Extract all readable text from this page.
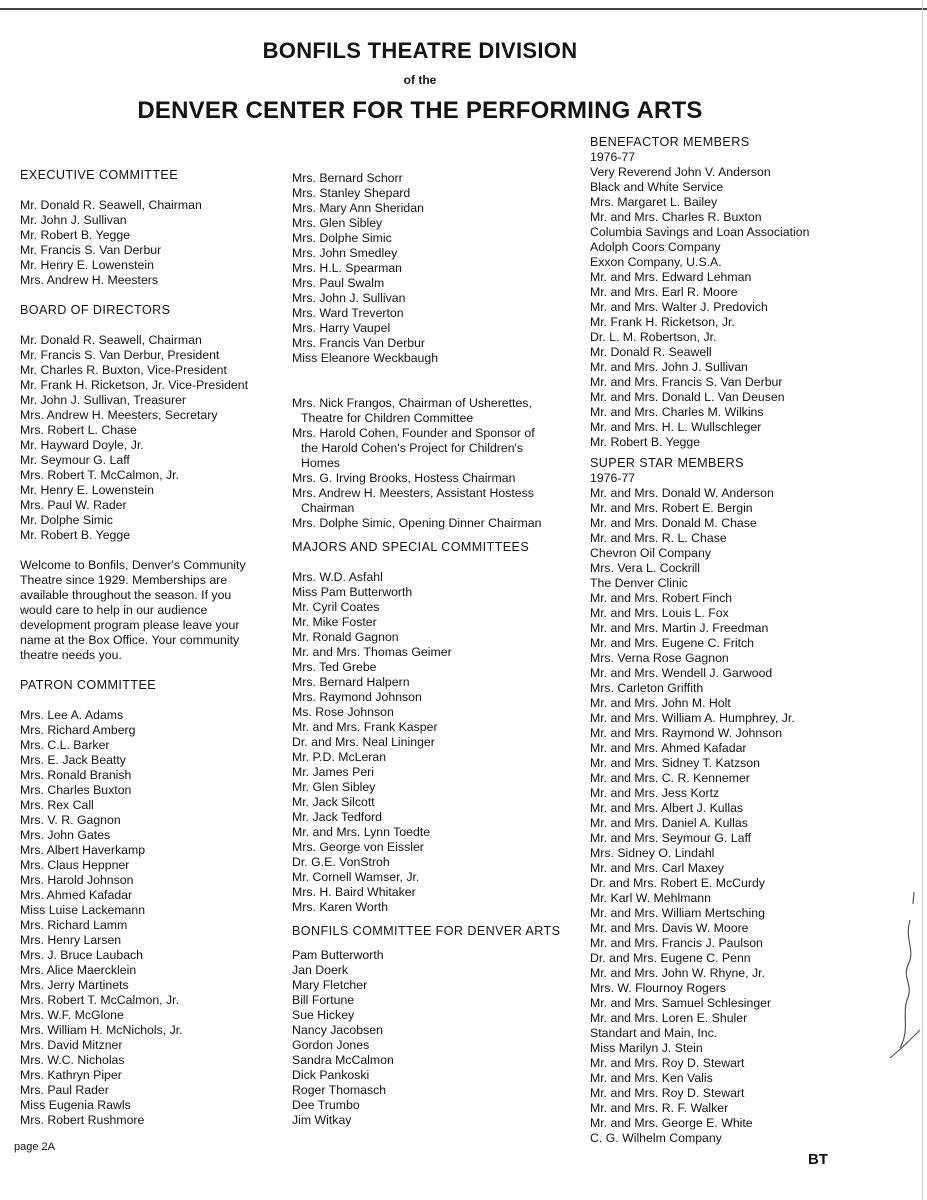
BONFILS THEATRE DIVISION
of the
DENVER CENTER FOR THE PERFORMING ARTS
EXECUTIVE COMMITTEE
Mr. Donald R. Seawell, Chairman
Mr. John J. Sullivan
Mr. Robert B. Yegge
Mr. Francis S. Van Derbur
Mr. Henry E. Lowenstein
Mrs. Andrew H. Meesters
BOARD OF DIRECTORS
Mr. Donald R. Seawell, Chairman
Mr. Francis S. Van Derbur, President
Mr. Charles R. Buxton, Vice-President
Mr. Frank H. Ricketson, Jr. Vice-President
Mr. John J. Sullivan, Treasurer
Mrs. Andrew H. Meesters, Secretary
Mrs. Robert L. Chase
Mr. Hayward Doyle, Jr.
Mr. Seymour G. Laff
Mrs. Robert T. McCalmon, Jr.
Mr. Henry E. Lowenstein
Mrs. Paul W. Rader
Mr. Dolphe Simic
Mr. Robert B. Yegge
Welcome to Bonfils, Denver's Community
Theatre since 1929. Memberships are
available throughout the season. If you
would care to help in our audience
development program please leave your
name at the Box Office. Your community
theatre needs you.
PATRON COMMITTEE
Mrs. Lee A. Adams
Mrs. Richard Amberg
Mrs. C.L. Barker
Mrs. E. Jack Beatty
Mrs. Ronald Branish
Mrs. Charles Buxton
Mrs. Rex Call
Mrs. V. R. Gagnon
Mrs. John Gates
Mrs. Albert Haverkamp
Mrs. Claus Heppner
Mrs. Harold Johnson
Mrs. Ahmed Kafadar
Miss Luise Lackemann
Mrs. Richard Lamm
Mrs. Henry Larsen
Mrs. J. Bruce Laubach
Mrs. Alice Maercklein
Mrs. Jerry Martinets
Mrs. Robert T. McCalmon, Jr.
Mrs. W.F. McGlone
Mrs. William H. McNichols, Jr.
Mrs. David Mitzner
Mrs. W.C. Nicholas
Mrs. Kathryn Piper
Mrs. Paul Rader
Miss Eugenia Rawls
Mrs. Robert Rushmore
Mrs. Bernard Schorr
Mrs. Stanley Shepard
Mrs. Mary Ann Sheridan
Mrs. Glen Sibley
Mrs. Dolphe Simic
Mrs. John Smedley
Mrs. H.L. Spearman
Mrs. Paul Swalm
Mrs. John J. Sullivan
Mrs. Ward Treverton
Mrs. Harry Vaupel
Mrs. Francis Van Derbur
Miss Eleanore Weckbaugh
Mrs. Nick Frangos, Chairman of Usherettes,
Theatre for Children Committee
Mrs. Harold Cohen, Founder and Sponsor of
the Harold Cohen's Project for Children's
Homes
Mrs. G. Irving Brooks, Hostess Chairman
Mrs. Andrew H. Meesters, Assistant Hostess
Chairman
Mrs. Dolphe Simic, Opening Dinner Chairman
MAJORS AND SPECIAL COMMITTEES
Mrs. W.D. Asfahl
Miss Pam Butterworth
Mr. Cyril Coates
Mr. Mike Foster
Mr. Ronald Gagnon
Mr. and Mrs. Thomas Geimer
Mrs. Ted Grebe
Mrs. Bernard Halpern
Mrs. Raymond Johnson
Ms. Rose Johnson
Mr. and Mrs. Frank Kasper
Dr. and Mrs. Neal Lininger
Mr. P.D. McLeran
Mr. James Peri
Mr. Glen Sibley
Mr. Jack Silcott
Mr. Jack Tedford
Mr. and Mrs. Lynn Toedte
Mrs. George von Eissler
Dr. G.E. VonStroh
Mr. Cornell Wamser, Jr.
Mrs. H. Baird Whitaker
Mrs. Karen Worth
BONFILS COMMITTEE FOR DENVER ARTS
Pam Butterworth
Jan Doerk
Mary Fletcher
Bill Fortune
Sue Hickey
Nancy Jacobsen
Gordon Jones
Sandra McCalmon
Dick Pankoski
Roger Thomasch
Dee Trumbo
Jim Witkay
BENEFACTOR MEMBERS
1976-77
Very Reverend John V. Anderson
Black and White Service
Mrs. Margaret L. Bailey
Mr. and Mrs. Charles R. Buxton
Columbia Savings and Loan Association
Adolph Coors Company
Exxon Company, U.S.A.
Mr. and Mrs. Edward Lehman
Mr. and Mrs. Earl R. Moore
Mr. and Mrs. Walter J. Predovich
Mr. Frank H. Ricketson, Jr.
Dr. L. M. Robertson, Jr.
Mr. Donald R. Seawell
Mr. and Mrs. John J. Sullivan
Mr. and Mrs. Francis S. Van Derbur
Mr. and Mrs. Donald L. Van Deusen
Mr. and Mrs. Charles M. Wilkins
Mr. and Mrs. H. L. Wullschleger
Mr. Robert B. Yegge
SUPER STAR MEMBERS
1976-77
Mr. and Mrs. Donald W. Anderson
Mr. and Mrs. Robert E. Bergin
Mr. and Mrs. Donald M. Chase
Mr. and Mrs. R. L. Chase
Chevron Oil Company
Mrs. Vera L. Cockrill
The Denver Clinic
Mr. and Mrs. Robert Finch
Mr. and Mrs. Louis L. Fox
Mr. and Mrs. Martin J. Freedman
Mr. and Mrs. Eugene C. Fritch
Mrs. Verna Rose Gagnon
Mr. and Mrs. Wendell J. Garwood
Mrs. Carleton Griffith
Mr. and Mrs. John M. Holt
Mr. and Mrs. William A. Humphrey, Jr.
Mr. and Mrs. Raymond W. Johnson
Mr. and Mrs. Ahmed Kafadar
Mr. and Mrs. Sidney T. Katzson
Mr. and Mrs. C. R. Kennemer
Mr. and Mrs. Jess Kortz
Mr. and Mrs. Albert J. Kullas
Mr. and Mrs. Daniel A. Kullas
Mr. and Mrs. Seymour G. Laff
Mrs. Sidney O. Lindahl
Mr. and Mrs. Carl Maxey
Dr. and Mrs. Robert E. McCurdy
Mr. Karl W. Mehlmann
Mr. and Mrs. William Mertsching
Mr. and Mrs. Davis W. Moore
Mr. and Mrs. Francis J. Paulson
Dr. and Mrs. Eugene C. Penn
Mr. and Mrs. John W. Rhyne, Jr.
Mrs. W. Flournoy Rogers
Mr. and Mrs. Samuel Schlesinger
Mr. and Mrs. Loren E. Shuler
Standart and Main, Inc.
Miss Marilyn J. Stein
Mr. and Mrs. Roy D. Stewart
Mr. and Mrs. Ken Valis
Mr. and Mrs. Roy D. Stewart
Mr. and Mrs. R. F. Walker
Mr. and Mrs. George E. White
C. G. Wilhelm Company
page 2A
BT
